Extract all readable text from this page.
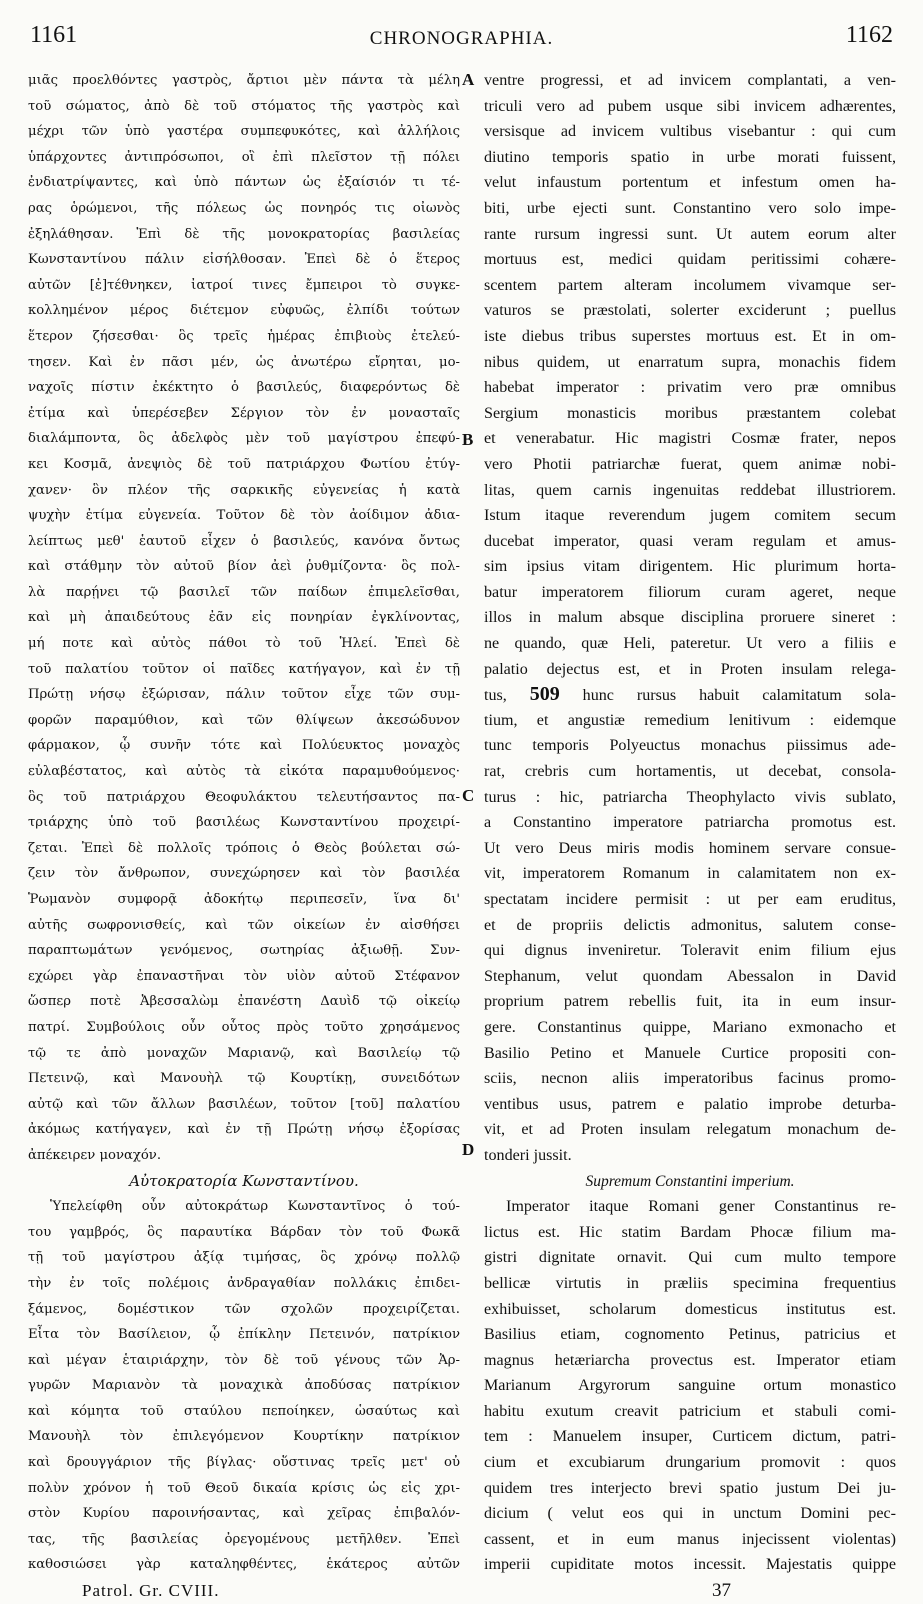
1161	CHRONOGRAPHIA.	1162
μιᾶς προελθόντες γαστρὸς, ἄρτιοι μὲν πάντα τὰ μέλη
τοῦ σώματος, ἀπὸ δὲ τοῦ στόματος τῆς γαστρὸς καὶ
μέχρι τῶν ὑπὸ γαστέρα συμπεφυκότες, καὶ ἀλλήλοις
ὑπάρχοντες ἀντιπρόσωποι, οἳ ἐπὶ πλεῖστον τῇ πόλει
ἐνδιατρίψαντες, καὶ ὑπὸ πάντων ὡς ἐξαίσιόν τι τέ-
ρας ὁρώμενοι, τῆς πόλεως ὡς πονηρός τις οἰωνὸς
ἐξηλάθησαν. Ἐπὶ δὲ τῆς μονοκρατορίας βασιλείας
Κωνσταντίνου πάλιν εἰσήλθοσαν. Ἐπεὶ δὲ ὁ ἕτερος
αὐτῶν [ἐ]τέθνηκεν, ἰατροί τινες ἔμπειροι τὸ συγκε-
κολλημένον μέρος διέτεμον εὐφυῶς, ἐλπίδι τούτων
ἕτερον ζήσεσθαι· ὃς τρεῖς ἡμέρας ἐπιβιοὺς ἐτελεύ-
τησεν. Καὶ ἐν πᾶσι μέν, ὡς ἀνωτέρω εἴρηται, μο-
ναχοῖς πίστιν ἐκέκτητο ὁ βασιλεύς, διαφερόντως δὲ
ἐτίμα καὶ ὑπερέσεβεν Σέργιον τὸν ἐν μονασταῖς
διαλάμποντα, ὃς ἀδελφὸς μὲν τοῦ μαγίστρου ἐπεφύ-
κει Κοσμᾶ, ἀνεψιὸς δὲ τοῦ πατριάρχου Φωτίου ἐτύγ-
χανεν· ὃν πλέον τῆς σαρκικῆς εὐγενείας ἡ κατὰ
ψυχὴν ἐτίμα εὐγενεία. Τοῦτον δὲ τὸν ἀοίδιμον ἀδια-
λείπτως μεθ' ἑαυτοῦ εἶχεν ὁ βασιλεύς, κανόνα ὄντως
καὶ στάθμην τὸν αὐτοῦ βίον ἀεὶ ῥυθμίζοντα· ὃς πολ-
λὰ παρῄνει τῷ βασιλεῖ τῶν παίδων ἐπιμελεῖσθαι,
καὶ μὴ ἀπαιδεύτους ἐᾶν εἰς πονηρίαν ἐγκλίνοντας,
μή ποτε καὶ αὐτὸς πάθοι τὸ τοῦ Ἡλεί. Ἐπεὶ δὲ
τοῦ παλατίου τοῦτον οἱ παῖδες κατήγαγον, καὶ ἐν τῇ
Πρώτῃ νήσῳ ἐξώρισαν, πάλιν τοῦτον εἶχε τῶν συμ-
φορῶν παραμύθιον, καὶ τῶν θλίψεων ἀκεσώδυνον
φάρμακον, ᾧ συνῆν τότε καὶ Πολύευκτος μοναχὸς
εὐλαβέστατος, καὶ αὐτὸς τὰ εἰκότα παραμυθούμενος·
ὃς τοῦ πατριάρχου Θεοφυλάκτου τελευτήσαντος πα-
τριάρχης ὑπὸ τοῦ βασιλέως Κωνσταντίνου προχειρί-
ζεται. Ἐπεὶ δὲ πολλοῖς τρόποις ὁ Θεὸς βούλεται σώ-
ζειν τὸν ἄνθρωπον, συνεχώρησεν καὶ τὸν βασιλέα
Ῥωμανὸν συμφορᾷ ἀδοκήτῳ περιπεσεῖν, ἵνα δι'
αὐτῆς σωφρονισθείς, καὶ τῶν οἰκείων ἐν αἰσθήσει
παραπτωμάτων γενόμενος, σωτηρίας ἀξιωθῇ. Συν-
εχώρει γὰρ ἐπαναστῆναι τὸν υἱὸν αὐτοῦ Στέφανον
ὥσπερ ποτὲ Ἀβεσσαλὼμ ἐπανέστη Δαυὶδ τῷ οἰκείῳ
πατρί. Συμβούλοις οὖν οὗτος πρὸς τοῦτο χρησάμενος
τῷ τε ἀπὸ μοναχῶν Μαριανῷ, καὶ Βασιλείῳ τῷ
Πετεινῷ, καὶ Μανουὴλ τῷ Κουρτίκῃ, συνειδότων
αὐτῷ καὶ τῶν ἄλλων βασιλέων, τοῦτον [τοῦ] παλατίου
ἀκόμως κατήγαγεν, καὶ ἐν τῇ Πρώτῃ νήσῳ ἐξορίσας
ἀπέκειρεν μοναχόν.
Αὐτοκρατορία Κωνσταντίνου.
Ὑπελείφθη οὖν αὐτοκράτωρ Κωνσταντῖνος ὁ τού-
του γαμβρός, ὃς παραυτίκα Βάρδαν τὸν τοῦ Φωκᾶ
τῇ τοῦ μαγίστρου ἀξίᾳ τιμήσας, ὃς χρόνῳ πολλῷ
τὴν ἐν τοῖς πολέμοις ἀνδραγαθίαν πολλάκις ἐπιδει-
ξάμενος, δομέστικον τῶν σχολῶν προχειρίζεται.
Εἶτα τὸν Βασίλειον, ᾧ ἐπίκλην Πετεινόν, πατρίκιον
καὶ μέγαν ἑταιριάρχην, τὸν δὲ τοῦ γένους τῶν Ἀρ-
γυρῶν Μαριανὸν τὰ μοναχικὰ ἀποδύσας πατρίκιον
καὶ κόμητα τοῦ σταύλου πεποίηκεν, ὡσαύτως καὶ
Μανουὴλ τὸν ἐπιλεγόμενον Κουρτίκην πατρίκιον
καὶ δρουγγάριον τῆς βίγλας· οὕστινας τρεῖς μετ' οὐ
πολὺν χρόνον ἡ τοῦ Θεοῦ δικαία κρίσις ὡς εἰς χρι-
στὸν Κυρίου παροινήσαντας, καὶ χεῖρας ἐπιβαλόν-
τας, τῆς βασιλείας ὀρεγομένους μετῆλθεν. Ἐπεὶ
καθοσιώσει γὰρ καταληφθέντες, ἑκάτερος αὐτῶν
Patrol. Gr. CVIII.
ventre progressi, et ad invicem complantati, a ven-
triculi vero ad pubem usque sibi invicem adhærentes,
versisque ad invicem vultibus visebantur : qui cum
diutino temporis spatio in urbe morati fuissent,
velut infaustum portentum et infestum omen ha-
biti, urbe ejecti sunt. Constantino vero solo impe-
rante rursum ingressi sunt. Ut autem eorum alter
mortuus est, medici quidam peritissimi cohære-
scentem partem alteram incolumem vivamque ser-
vaturos se præstolati, solerter exciderunt ; puellus
iste diebus tribus superstes mortuus est. Et in om-
nibus quidem, ut enarratum supra, monachis fidem
habebat imperator : privatim vero præ omnibus
Sergium monasticis moribus præstantem colebat
et venerabatur. Hic magistri Cosmæ frater, nepos
vero Photii patriarchæ fuerat, quem animæ nobi-
litas, quem carnis ingenuitas reddebat illustriorem.
Istum itaque reverendum jugem comitem secum
ducebat imperator, quasi veram regulam et amus-
sim ipsius vitam dirigentem. Hic plurimum horta-
batur imperatorem filiorum curam ageret, neque
illos in malum absque disciplina proruere sineret :
ne quando, quæ Heli, pateretur. Ut vero a filiis e
palatio dejectus est, et in Proten insulam relega-
tus, 509 hunc rursus habuit calamitatum sola-
tium, et angustiæ remedium lenitivum : eidemque
tunc temporis Polyeuctus monachus piissimus ade-
rat, crebris cum hortamentis, ut decebat, consola-
turus : hic, patriarcha Theophylacto vivis sublato,
a Constantino imperatore patriarcha promotus est.
Ut vero Deus miris modis hominem servare consue-
vit, imperatorem Romanum in calamitatem non ex-
spectatam incidere permisit : ut per eam eruditus,
et de propriis delictis admonitus, salutem conse-
qui dignus inveniretur. Toleravit enim filium ejus
Stephanum, velut quondam Abessalon in David
proprium patrem rebellis fuit, ita in eum insur-
gere. Constantinus quippe, Mariano exmonacho et
Basilio Petino et Manuele Curtice propositi con-
sciis, necnon aliis imperatoribus facinus promo-
ventibus usus, patrem e palatio improbe deturba-
vit, et ad Proten insulam relegatum monachum de-
tonderi jussit.
Supremum Constantini imperium.
Imperator itaque Romani gener Constantinus re-
lictus est. Hic statim Bardam Phocæ filium ma-
gistri dignitate ornavit. Qui cum multo tempore
bellicæ virtutis in præliis specimina frequentius
exhibuisset, scholarum domesticus institutus est.
Basilius etiam, cognomento Petinus, patricius et
magnus hetæriarcha provectus est. Imperator etiam
Marianum Argyrorum sanguine ortum monastico
habitu exutum creavit patricium et stabuli comi-
tem : Manuelem insuper, Curticem dictum, patri-
cium et excubiarum drungarium promovit : quos
quidem tres interjecto brevi spatio justum Dei ju-
dicium ( velut eos qui in unctum Domini pec-
cassent, et in eum manus injecissent violentas)
imperii cupiditate motos incessit. Majestatis quippe
37
A
B
C
D
